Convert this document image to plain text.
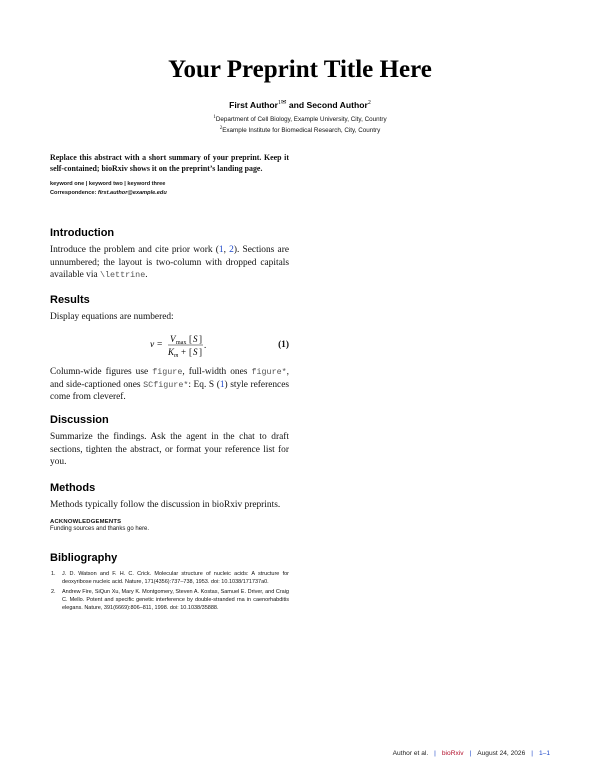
Your Preprint Title Here
First Author$^{1✉}$ and Second Author$^2$
$^1$Department of Cell Biology, Example University, City, Country
$^2$Example Institute for Biomedical Research, City, Country

Replace this abstract with a short summary of your preprint. Keep it self-contained; bioRxiv shows it on the preprint’s landing page.

keyword one | keyword two | keyword three
Correspondence: first.author@example.edu
Introduction

Introduce the problem and cite prior work (1, 2). Sections are unnumbered; the layout is two-column with dropped capitals available via \lettrine.

Results

Display equations are numbered:

v =
V max [ S ]
K m + [ S ]
.	(1)

Column-wide figures use figure, full-width ones figure*, and side-captioned ones SCfigure*: Eq. S (1) style references come from cleveref.

Discussion

Summarize the findings. Ask the agent in the chat to draft sections, tighten the abstract, or format your reference list for you.

Methods

Methods typically follow the discussion in bioRxiv preprints.

ACKNOWLEDGEMENTS
Funding sources and thanks go here.
Bibliography
1. J. D. Watson and F. H. C. Crick. Molecular structure of nucleic acids: A structure for deoxyribose nucleic acid. Nature, 171(4356):737–738, 1953. doi: 10.1038/171737a0.
2. Andrew Fire, SiQun Xu, Mary K. Montgomery, Steven A. Kostas, Samuel E. Driver, and Craig C. Mello. Potent and specific genetic interference by double-stranded rna in caenorhabditis elegans. Nature, 391(6669):806–811, 1998. doi: 10.1038/35888.
Author et al. | bioRxiv | August 24, 2026 | 1–1
